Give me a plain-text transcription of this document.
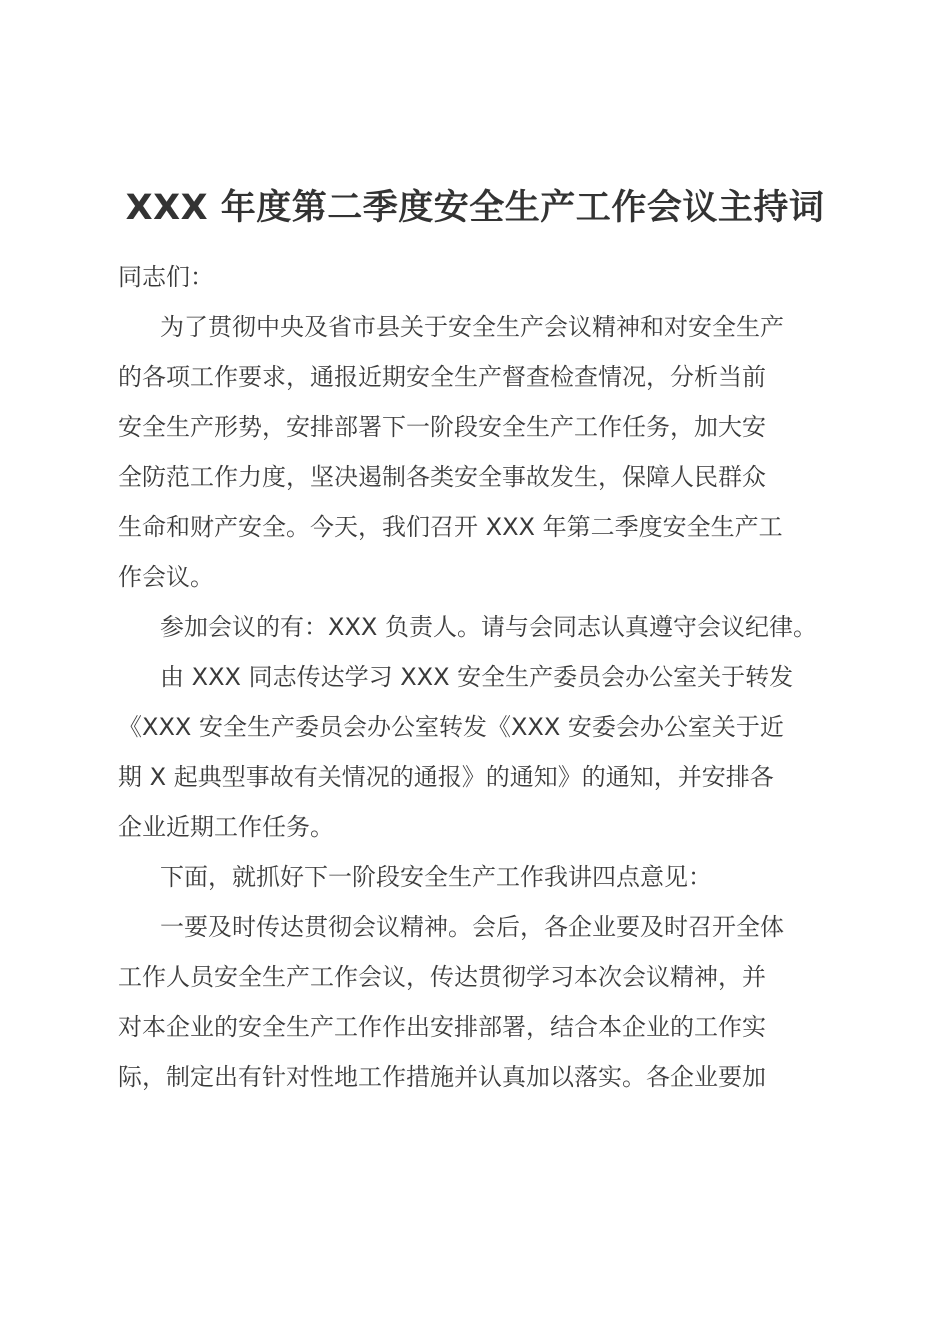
XXX 年度第二季度安全生产工作会议主持词
同志们：
为了贯彻中央及省市县关于安全生产会议精神和对安全生产
的各项工作要求，通报近期安全生产督查检查情况，分析当前
安全生产形势，安排部署下一阶段安全生产工作任务，加大安
全防范工作力度，坚决遏制各类安全事故发生，保障人民群众
生命和财产安全。今天，我们召开 XXX 年第二季度安全生产工
作会议。
参加会议的有：XXX 负责人。请与会同志认真遵守会议纪律。
由 XXX 同志传达学习 XXX 安全生产委员会办公室关于转发
《XXX 安全生产委员会办公室转发《XXX 安委会办公室关于近
期 X 起典型事故有关情况的通报》的通知》的通知，并安排各
企业近期工作任务。
下面，就抓好下一阶段安全生产工作我讲四点意见：
一要及时传达贯彻会议精神。会后，各企业要及时召开全体
工作人员安全生产工作会议，传达贯彻学习本次会议精神，并
对本企业的安全生产工作作出安排部署，结合本企业的工作实
际，制定出有针对性地工作措施并认真加以落实。各企业要加
